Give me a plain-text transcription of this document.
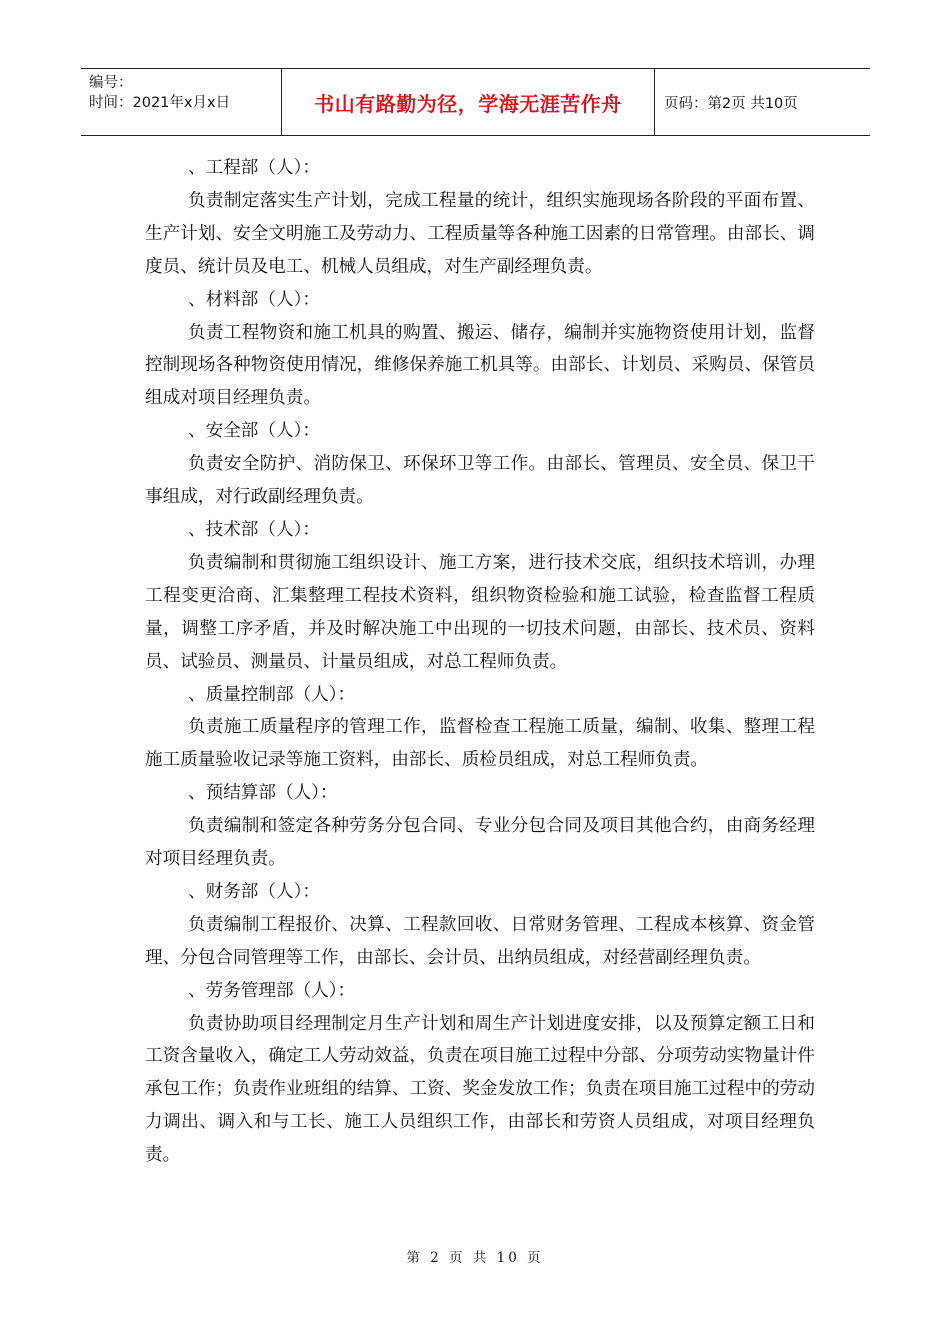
编号：
时间：2021年x月x日	书山有路勤为径，学海无涯苦作舟	页码：第2页 共10页
、工程部（人）：
负责制定落实生产计划，完成工程量的统计，组织实施现场各阶段的平面布置、生产计划、安全文明施工及劳动力、工程质量等各种施工因素的日常管理。由部长、调度员、统计员及电工、机械人员组成，对生产副经理负责。
、材料部（人）：
负责工程物资和施工机具的购置、搬运、储存，编制并实施物资使用计划，监督控制现场各种物资使用情况，维修保养施工机具等。由部长、计划员、采购员、保管员组成对项目经理负责。
、安全部（人）：
负责安全防护、消防保卫、环保环卫等工作。由部长、管理员、安全员、保卫干事组成，对行政副经理负责。
、技术部（人）：
负责编制和贯彻施工组织设计、施工方案，进行技术交底，组织技术培训，办理工程变更洽商、汇集整理工程技术资料，组织物资检验和施工试验，检查监督工程质量，调整工序矛盾，并及时解决施工中出现的一切技术问题，由部长、技术员、资料员、试验员、测量员、计量员组成，对总工程师负责。
、质量控制部（人）：
负责施工质量程序的管理工作，监督检查工程施工质量，编制、收集、整理工程施工质量验收记录等施工资料，由部长、质检员组成，对总工程师负责。
、预结算部（人）：
负责编制和签定各种劳务分包合同、专业分包合同及项目其他合约，由商务经理对项目经理负责。
、财务部（人）：
负责编制工程报价、决算、工程款回收、日常财务管理、工程成本核算、资金管理、分包合同管理等工作，由部长、会计员、出纳员组成，对经营副经理负责。
、劳务管理部（人）：
负责协助项目经理制定月生产计划和周生产计划进度安排，以及预算定额工日和工资含量收入，确定工人劳动效益，负责在项目施工过程中分部、分项劳动实物量计件承包工作；负责作业班组的结算、工资、奖金发放工作；负责在项目施工过程中的劳动力调出、调入和与工长、施工人员组织工作，由部长和劳资人员组成，对项目经理负责。
第 2 页 共 10 页
